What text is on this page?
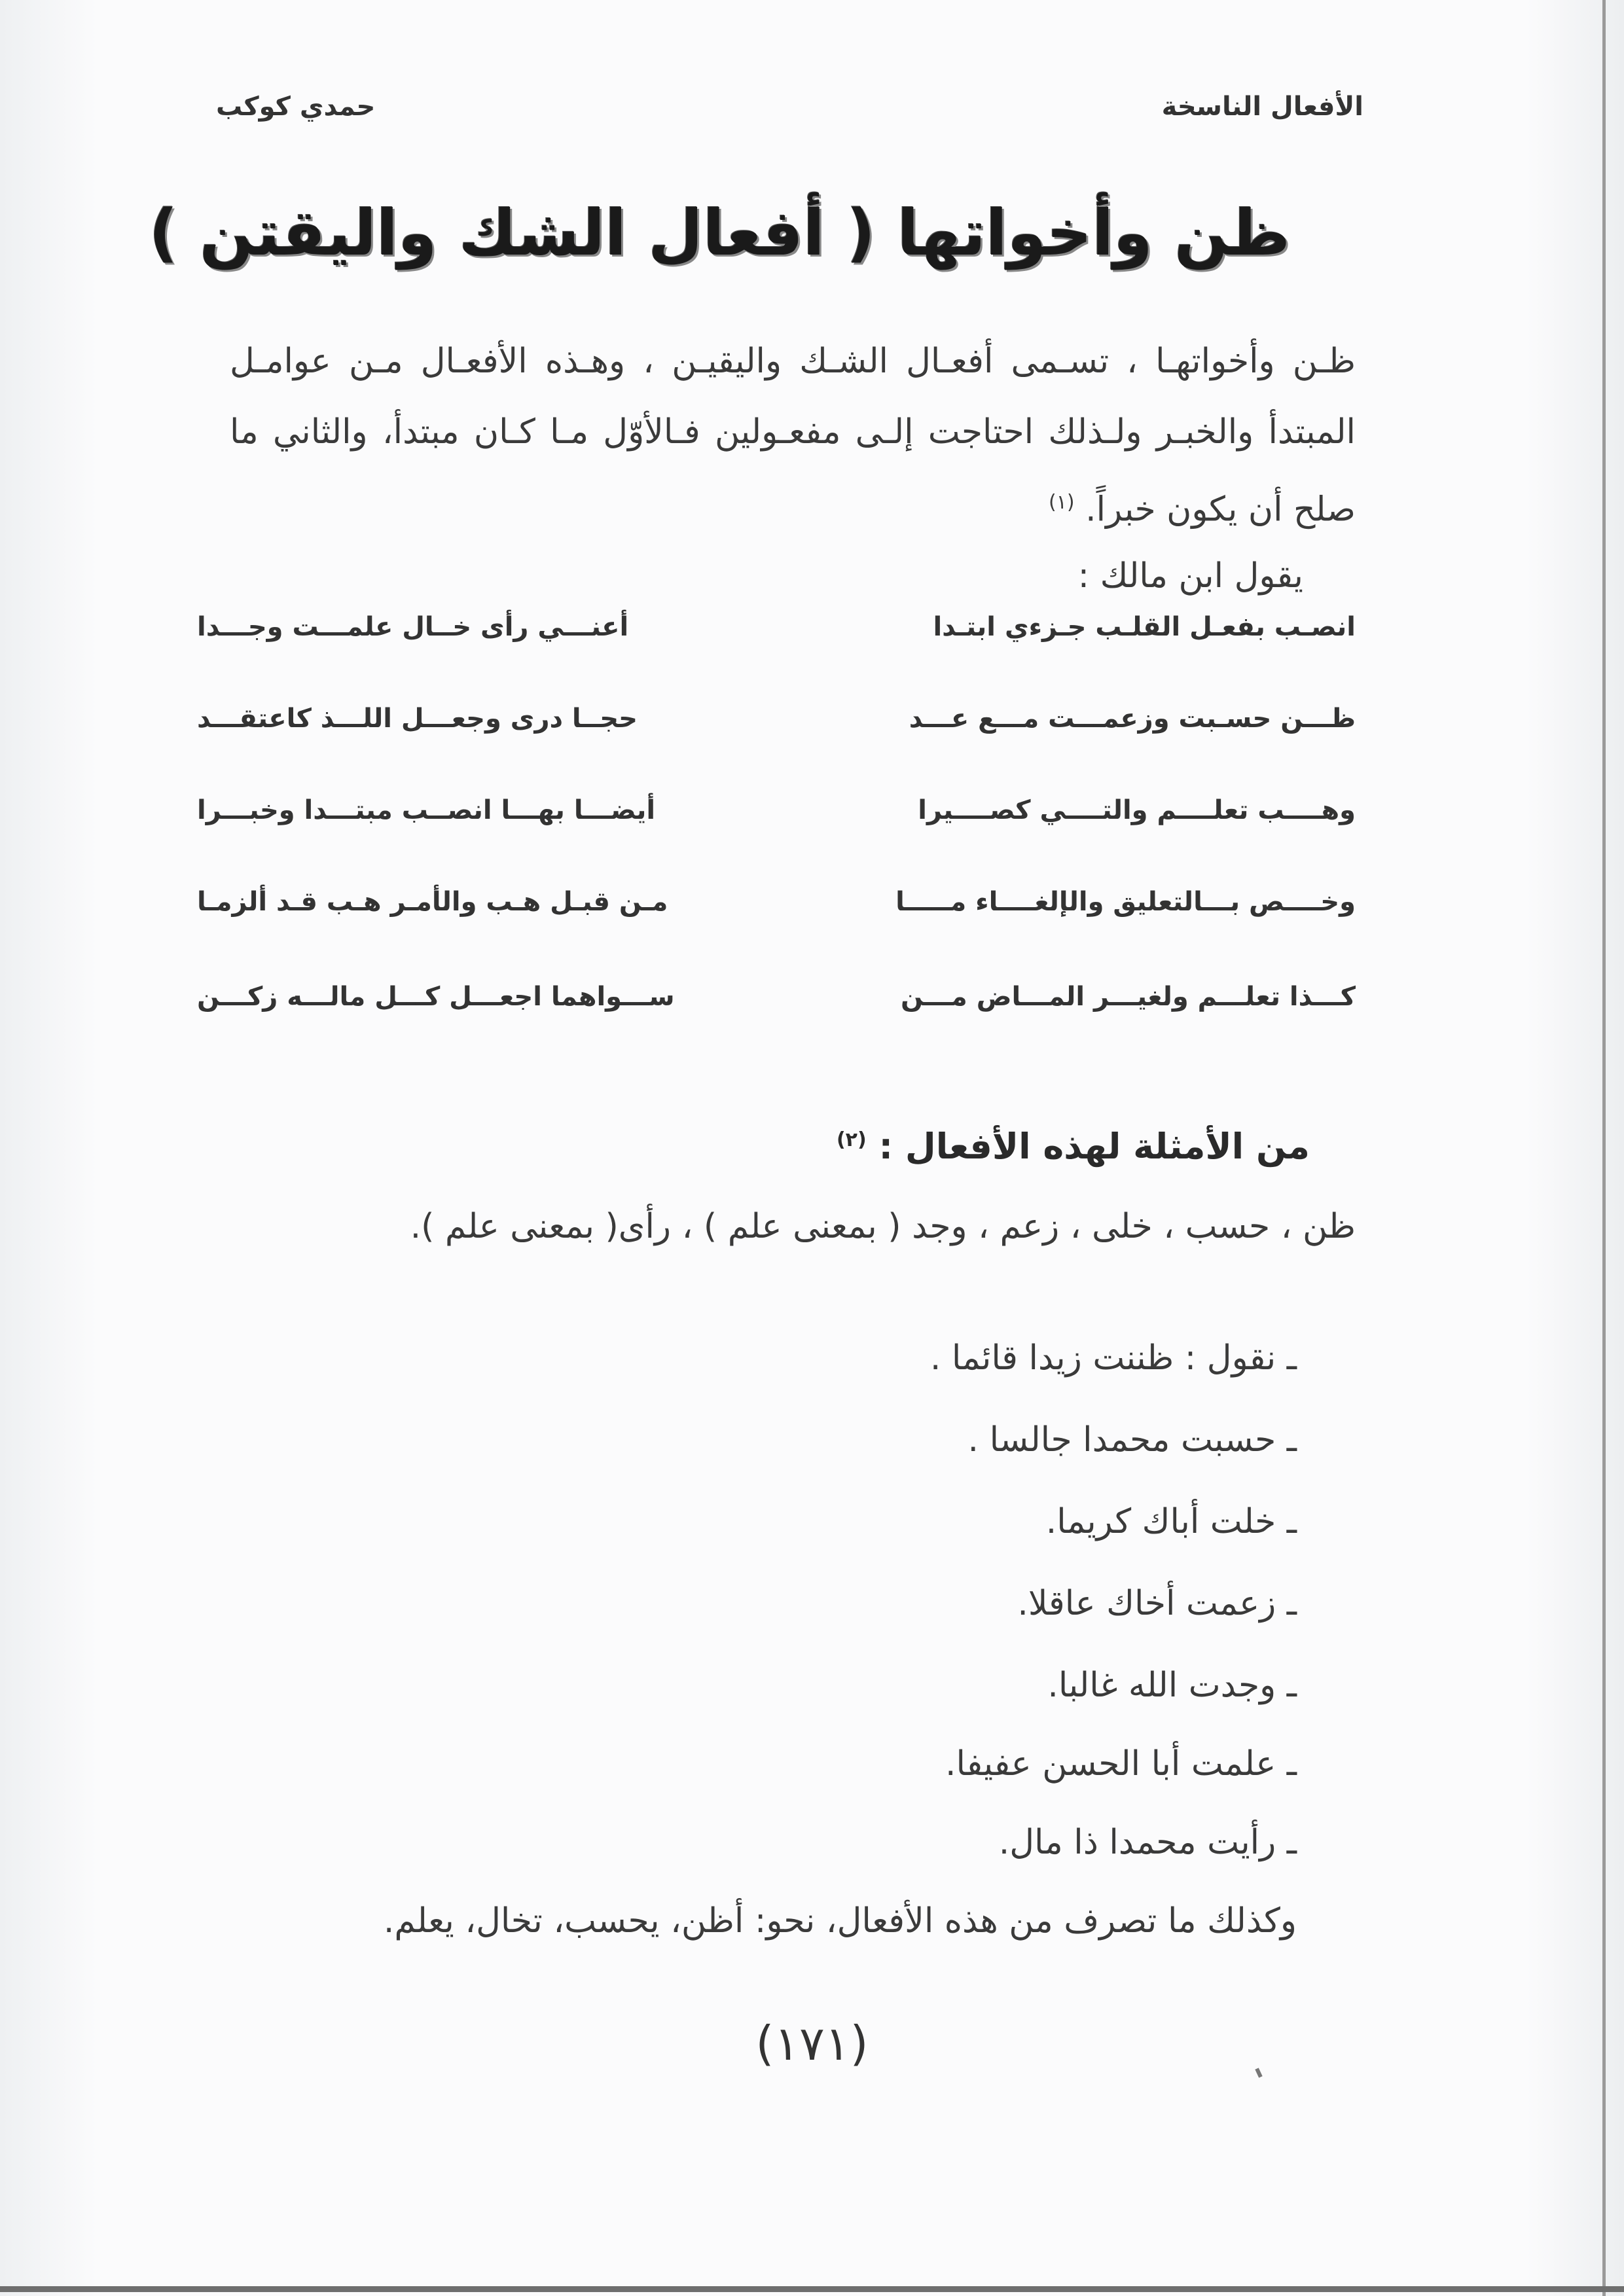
الأفعال الناسخة
حمدي كوكب
ظن وأخواتها ( أفعال الشك واليقتن )
ظـن وأخواتهـا ، تسـمى أفعـال الشـك واليقيـن ، وهـذه الأفعـال مـن عوامـل المبتدأ والخبـر ولـذلك احتاجت إلـى مفعـولين فـالأوّل مـا كـان مبتدأ، والثاني ما صلح أن يكون خبراً. $^{(١)}$
يقول ابن مالك :
انصـب بفعـل القلـب جـزءي ابتـدا
أعنـــي رأى خــال علمـــت وجـــدا
ظـــن حسـبت وزعمـــت مـــع عـــد
حجــا درى وجعـــل اللـــذ كاعتقـــد
وهــــب تعلــــم والتــــي كصــــيرا
أيضـــا بهـــا انصــب مبتـــدا وخبـــرا
وخــــص بـــالتعليق والإلغــــاء مـــــا
مـن قبـل هـب والأمـر هـب قـد ألزمـا
كـــذا تعلـــم ولغيـــر المـــاض مـــن
ســـواهما اجعـــل كـــل مالـــه زكـــن
من الأمثلة لهذه الأفعال : $^{(٢)}$
ظن ، حسب ، خلى ، زعم ، وجد ( بمعنى علم ) ، رأى( بمعنى علم ).
ـ نقول : ظننت زيدا قائما .
ـ حسبت محمدا جالسا .
ـ خلت أباك كريما.
ـ زعمت أخاك عاقلا.
ـ وجدت الله غالبا.
ـ علمت أبا الحسن عفيفا.
ـ رأيت محمدا ذا مال.
وكذلك ما تصرف من هذه الأفعال، نحو: أظن، يحسب، تخال، يعلم.
(١٧١)
